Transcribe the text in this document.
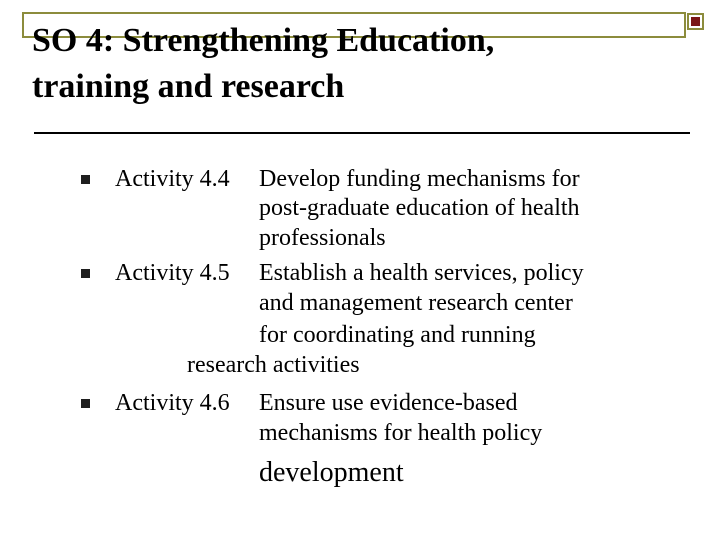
SO 4: Strengthening Education,
training and research

Activity 4.4 Develop funding mechanisms for

post-graduate education of health

professionals

Activity 4.5 Establish a health services, policy

and management research center

for coordinating and running

research activities

Activity 4.6 Ensure use evidence-based

mechanisms for health policy

development
